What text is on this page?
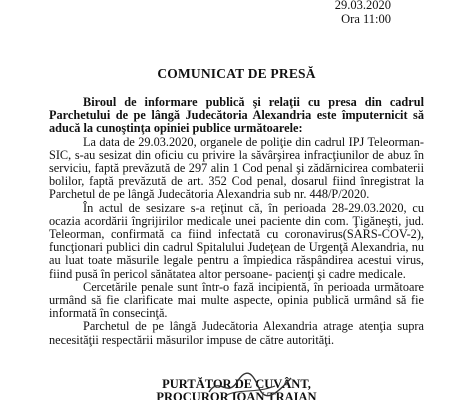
29.03.2020
Ora 11:00
COMUNICAT DE PRESĂ

Biroul de informare publică şi relaţii cu presa din cadrul Parchetului de pe lângă Judecătoria Alexandria este împuternicit să aducă la cunoştinţa opiniei publice următoarele:

La data de 29.03.2020, organele de poliţie din cadrul IPJ Teleorman- SIC, s-au sesizat din oficiu cu privire la săvârşirea infracţiunilor de abuz în serviciu, faptă prevăzută de 297 alin 1 Cod penal şi zădărnicirea combaterii bolilor, faptă prevăzută de art. 352 Cod penal, dosarul fiind înregistrat la Parchetul de pe lângă Judecătoria Alexandria sub nr. 448/P/2020.

În actul de sesizare s-a reţinut că, în perioada 28-29.03.2020, cu ocazia acordării îngrijirilor medicale unei paciente din com. Ţigăneşti, jud. Teleorman, confirmată ca fiind infectată cu coronavirus(SARS-COV-2), funcţionari publici din cadrul Spitalului Judeţean de Urgenţă Alexandria, nu au luat toate măsurile legale pentru a împiedica răspândirea acestui virus, fiind pusă în pericol sănătatea altor persoane- pacienţi şi cadre medicale.

Cercetările penale sunt într-o fază incipientă, în perioada următoare urmând să fie clarificate mai multe aspecte, opinia publică urmând să fie informată în consecinţă.

Parchetul de pe lângă Judecătoria Alexandria atrage atenţia supra necesităţii respectării măsurilor impuse de către autorităţi.

PURTĂTOR DE CUVÂNT,
PROCUROR IOAN TRAIAN
